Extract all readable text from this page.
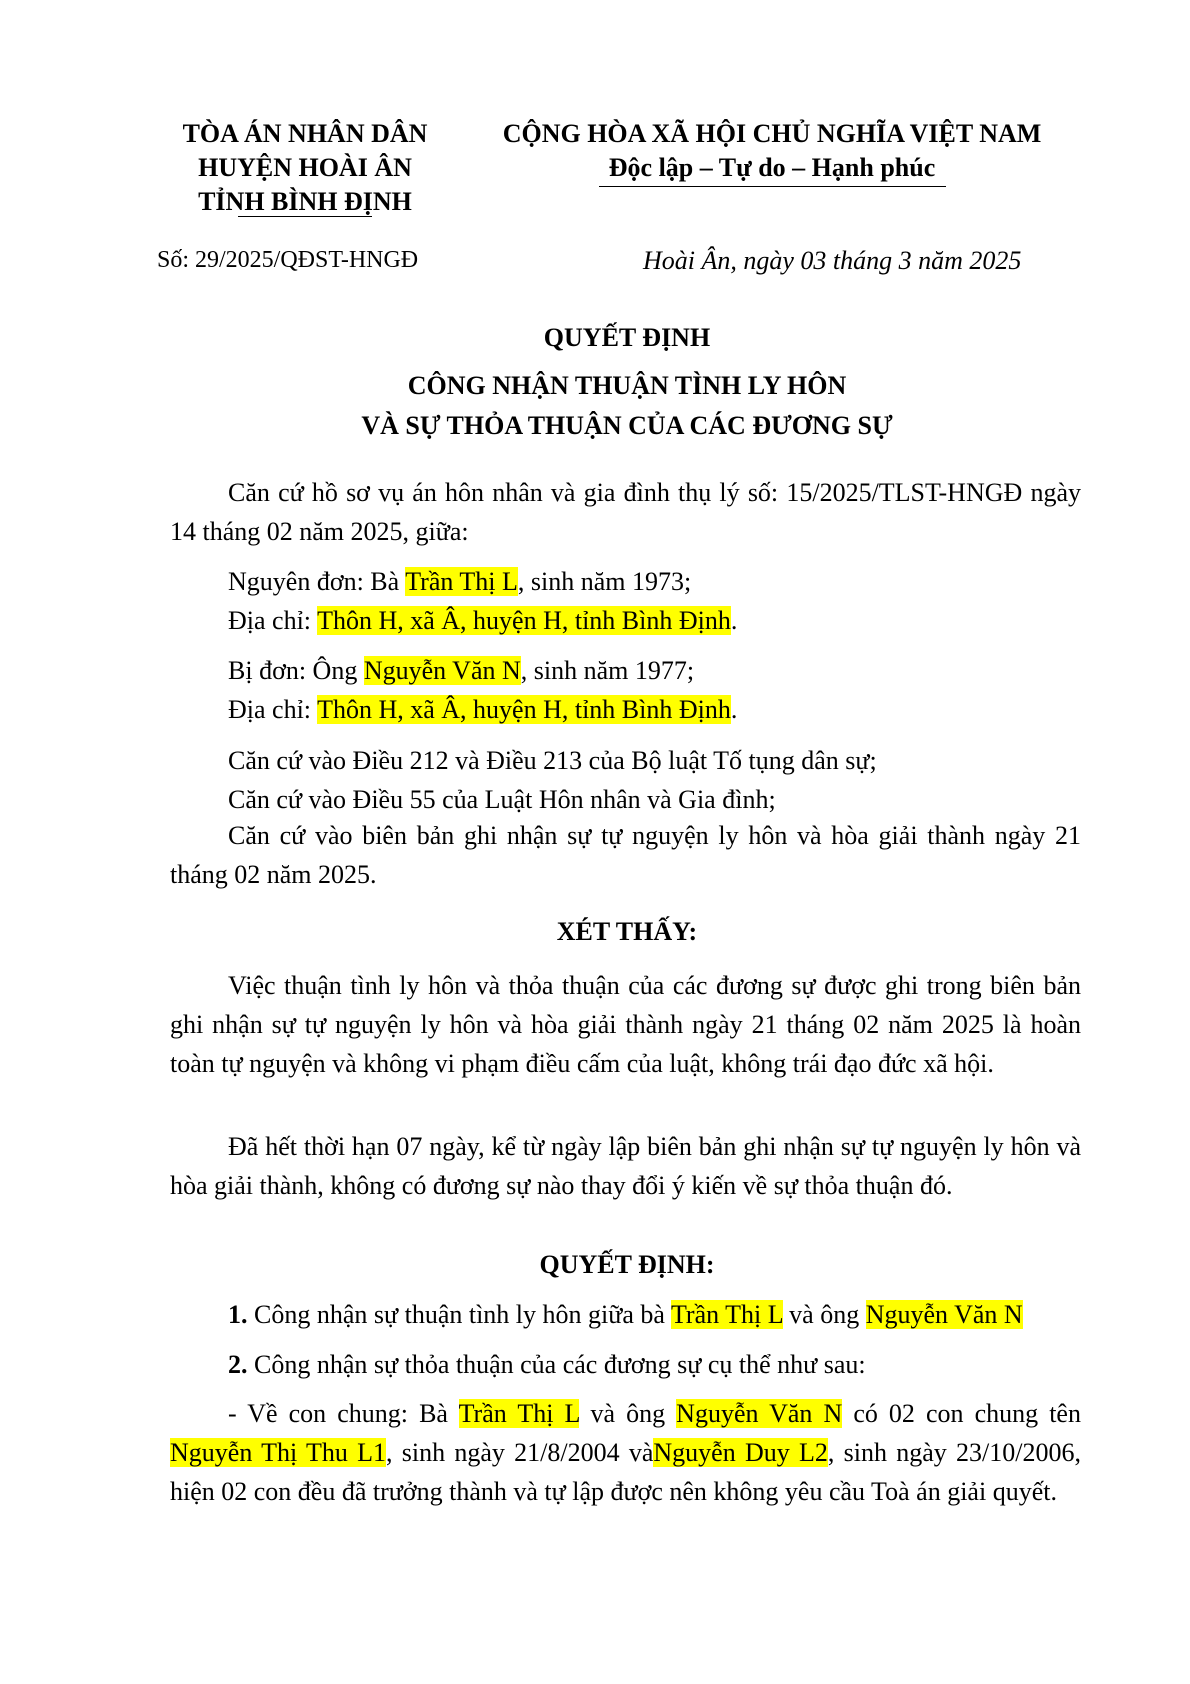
TÒA ÁN NHÂN DÂN
HUYỆN HOÀI ÂN
TỈNH BÌNH ĐỊNH
CỘNG HÒA XÃ HỘI CHỦ NGHĨA VIỆT NAM
Độc lập – Tự do – Hạnh phúc
Số: 29/2025/QĐST-HNGĐ	Hoài Ân, ngày 03 tháng 3 năm 2025
QUYẾT ĐỊNH
CÔNG NHẬN THUẬN TÌNH LY HÔN
VÀ SỰ THỎA THUẬN CỦA CÁC ĐƯƠNG SỰ
Căn cứ hồ sơ vụ án hôn nhân và gia đình thụ lý số: 15/2025/TLST-HNGĐ ngày 14 tháng 02 năm 2025, giữa:
Nguyên đơn: Bà Trần Thị L, sinh năm 1973;
Địa chỉ: Thôn H, xã Â, huyện H, tỉnh Bình Định.
Bị đơn: Ông Nguyễn Văn N, sinh năm 1977;
Địa chỉ: Thôn H, xã Â, huyện H, tỉnh Bình Định.
Căn cứ vào Điều 212 và Điều 213 của Bộ luật Tố tụng dân sự;
Căn cứ vào Điều 55 của Luật Hôn nhân và Gia đình;
Căn cứ vào biên bản ghi nhận sự tự nguyện ly hôn và hòa giải thành ngày 21 tháng 02 năm 2025.
XÉT THẤY:
Việc thuận tình ly hôn và thỏa thuận của các đương sự được ghi trong biên bản ghi nhận sự tự nguyện ly hôn và hòa giải thành ngày 21 tháng 02 năm 2025 là hoàn toàn tự nguyện và không vi phạm điều cấm của luật, không trái đạo đức xã hội.
Đã hết thời hạn 07 ngày, kể từ ngày lập biên bản ghi nhận sự tự nguyện ly hôn và hòa giải thành, không có đương sự nào thay đổi ý kiến về sự thỏa thuận đó.
QUYẾT ĐỊNH:
1. Công nhận sự thuận tình ly hôn giữa bà Trần Thị L và ông Nguyễn Văn N
2. Công nhận sự thỏa thuận của các đương sự cụ thể như sau:
- Về con chung: Bà Trần Thị L và ông Nguyễn Văn N có 02 con chung tên Nguyễn Thị Thu L1, sinh ngày 21/8/2004 vàNguyễn Duy L2, sinh ngày 23/10/2006, hiện 02 con đều đã trưởng thành và tự lập được nên không yêu cầu Toà án giải quyết.
